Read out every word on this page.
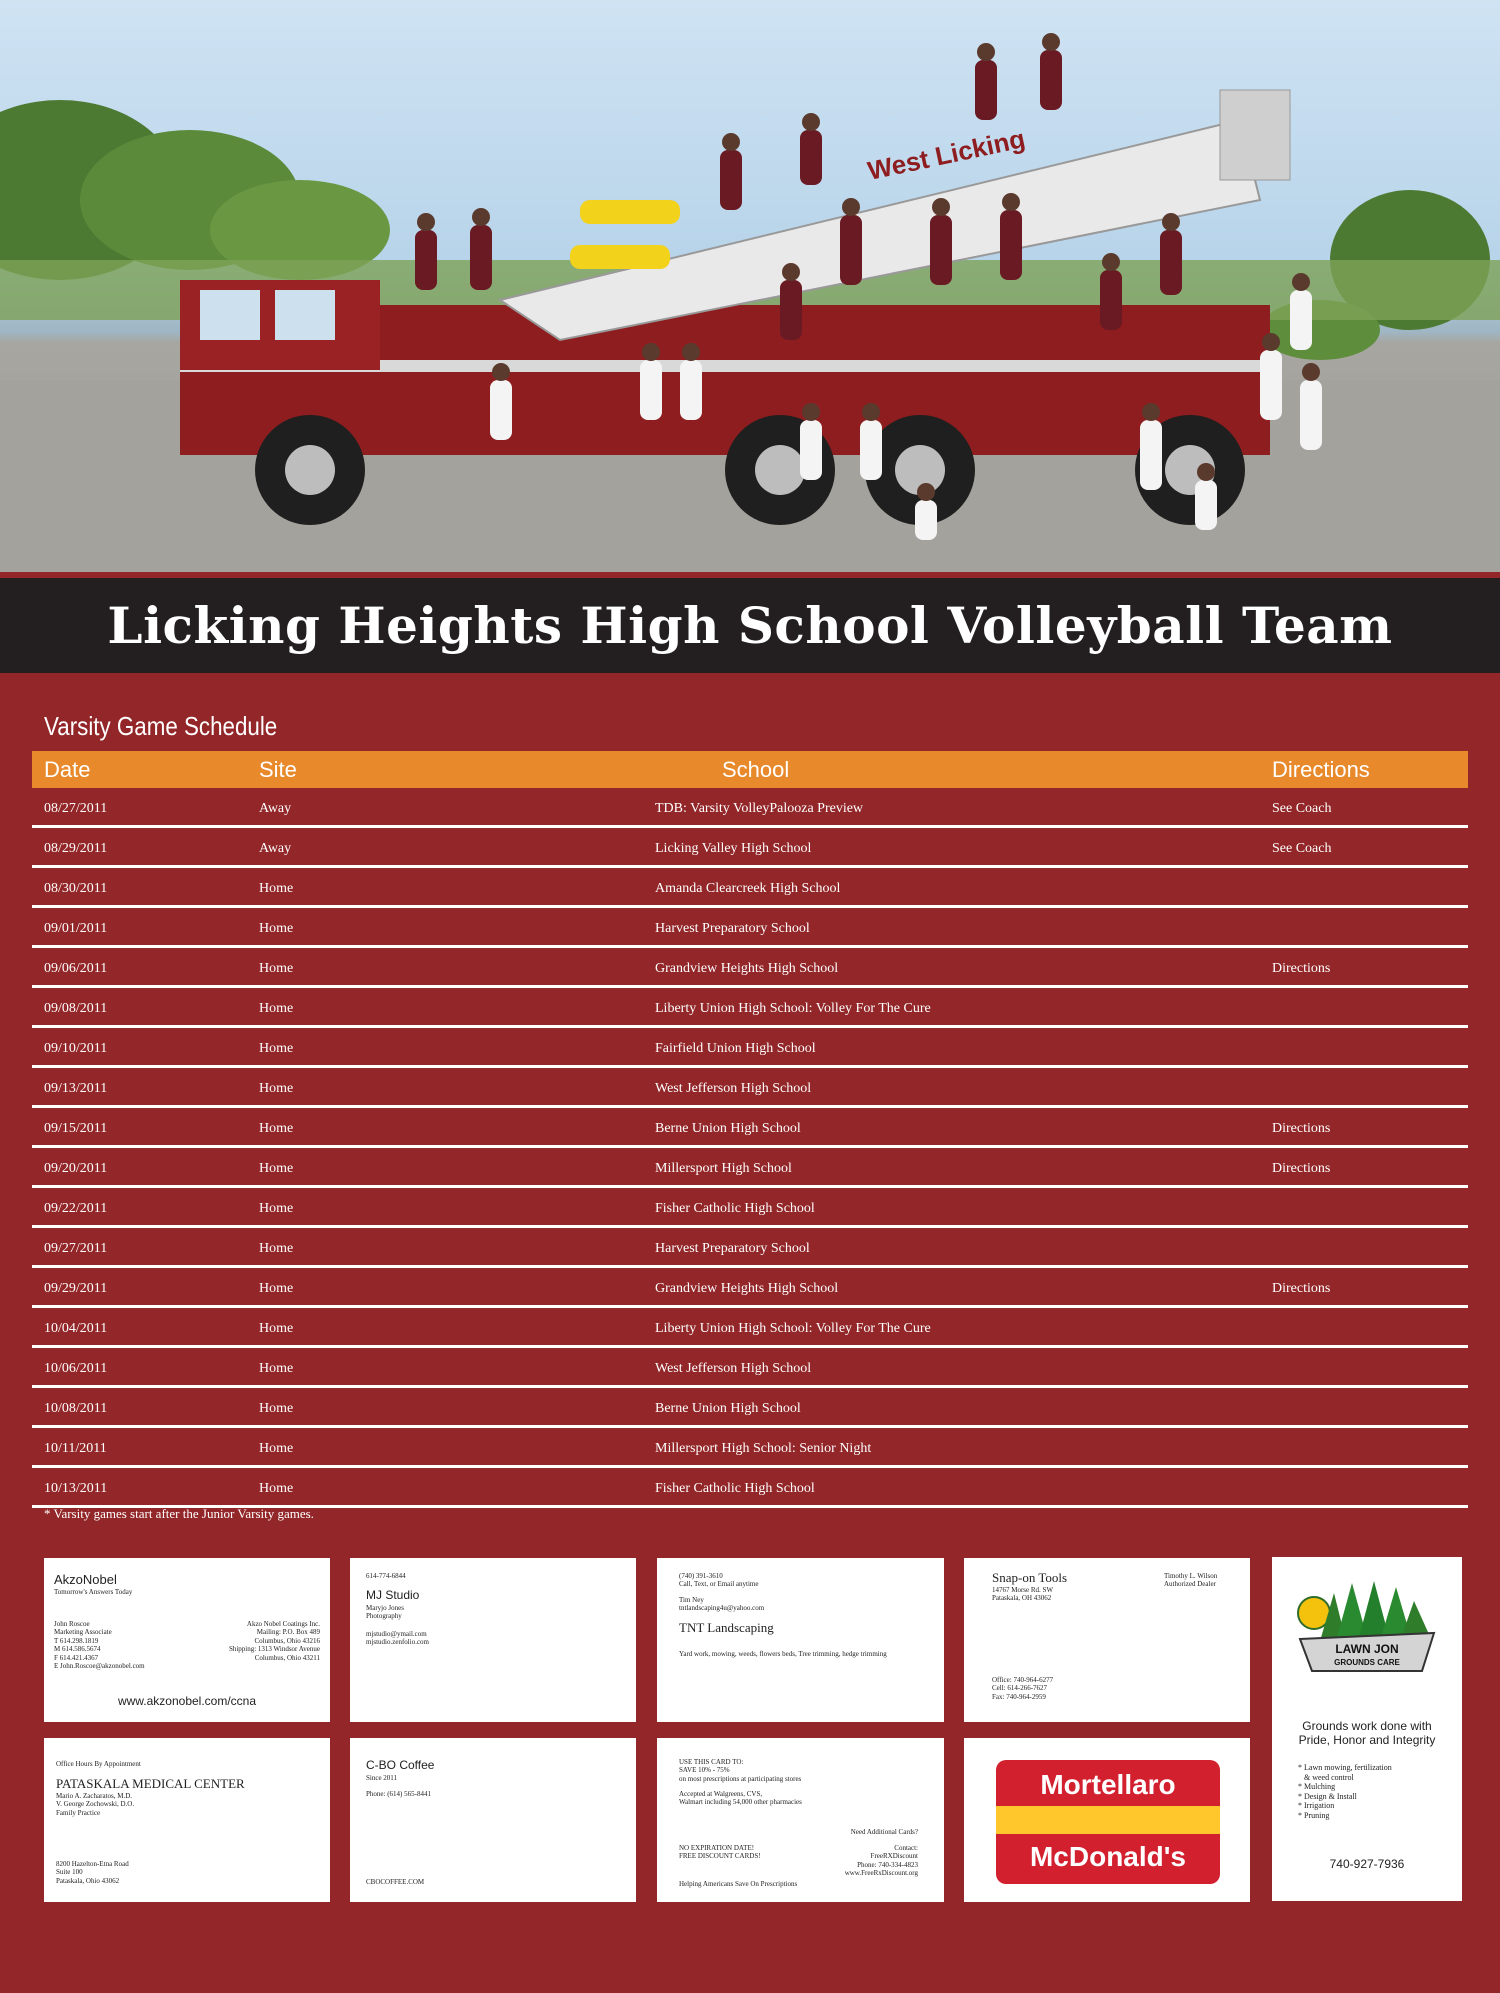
West Licking
Licking Heights High School Volleyball Team
Varsity Game Schedule
Date	Site	School	Directions
08/27/2011	Away	TDB: Varsity VolleyPalooza Preview	See Coach
08/29/2011	Away	Licking Valley High School	See Coach
08/30/2011	Home	Amanda Clearcreek High School
09/01/2011	Home	Harvest Preparatory School
09/06/2011	Home	Grandview Heights High School	Directions
09/08/2011	Home	Liberty Union High School: Volley For The Cure
09/10/2011	Home	Fairfield Union High School
09/13/2011	Home	West Jefferson High School
09/15/2011	Home	Berne Union High School	Directions
09/20/2011	Home	Millersport High School	Directions
09/22/2011	Home	Fisher Catholic High School
09/27/2011	Home	Harvest Preparatory School
09/29/2011	Home	Grandview Heights High School	Directions
10/04/2011	Home	Liberty Union High School: Volley For The Cure
10/06/2011	Home	West Jefferson High School
10/08/2011	Home	Berne Union High School
10/11/2011	Home	Millersport High School: Senior Night
10/13/2011	Home	Fisher Catholic High School
* Varsity games start after the Junior Varsity games.
AkzoNobel
Tomorrow's Answers Today
John Roscoe
Marketing Associate
T 614.298.1819
M 614.586.5674
F 614.421.4367
E John.Roscoe@akzonobel.com
Akzo Nobel Coatings Inc.
Mailing: P.O. Box 489
Columbus, Ohio 43216
Shipping: 1313 Windsor Avenue
Columbus, Ohio 43211
www.akzonobel.com/ccna
614-774-6844
MJ Studio
Maryjo Jones
Photography
mjstudio@ymail.com
mjstudio.zenfolio.com
(740) 391-3610
Call, Text, or Email anytime
Tim Ney
tntlandscaping4u@yahoo.com
TNT Landscaping
Yard work, mowing, weeds, flowers beds, Tree trimming, hedge trimming
Snap-on Tools
14767 Morse Rd. SW
Pataskala, OH 43062
Timothy L. Wilson
Authorized Dealer
Office: 740-964-6277
Cell: 614-266-7627
Fax: 740-964-2959
LAWN JON
GROUNDS CARE
Grounds work done with
Pride, Honor and Integrity
* Lawn mowing, fertilization
& weed control
* Mulching
* Design & Install
* Irrigation
* Pruning
740-927-7936
Office Hours By Appointment
PATASKALA MEDICAL CENTER
Mario A. Zacharatos, M.D.
V. George Zochowski, D.O.
Family Practice
8200 Hazelton-Etna Road
Suite 100
Pataskala, Ohio 43062
C-BO Coffee
Since 2011
Phone: (614) 565-8441
CBOCOFFEE.COM
USE THIS CARD TO:
SAVE 10% - 75%
on most prescriptions at participating stores
Accepted at Walgreens, CVS,
Walmart including 54,000 other pharmacies
Need Additional Cards?
NO EXPIRATION DATE!
FREE DISCOUNT CARDS!
Contact:
FreeRXDiscount
Phone: 740-334-4823
www.FreeRxDiscount.org
Helping Americans Save On Prescriptions
Mortellaro
m
McDonald's
